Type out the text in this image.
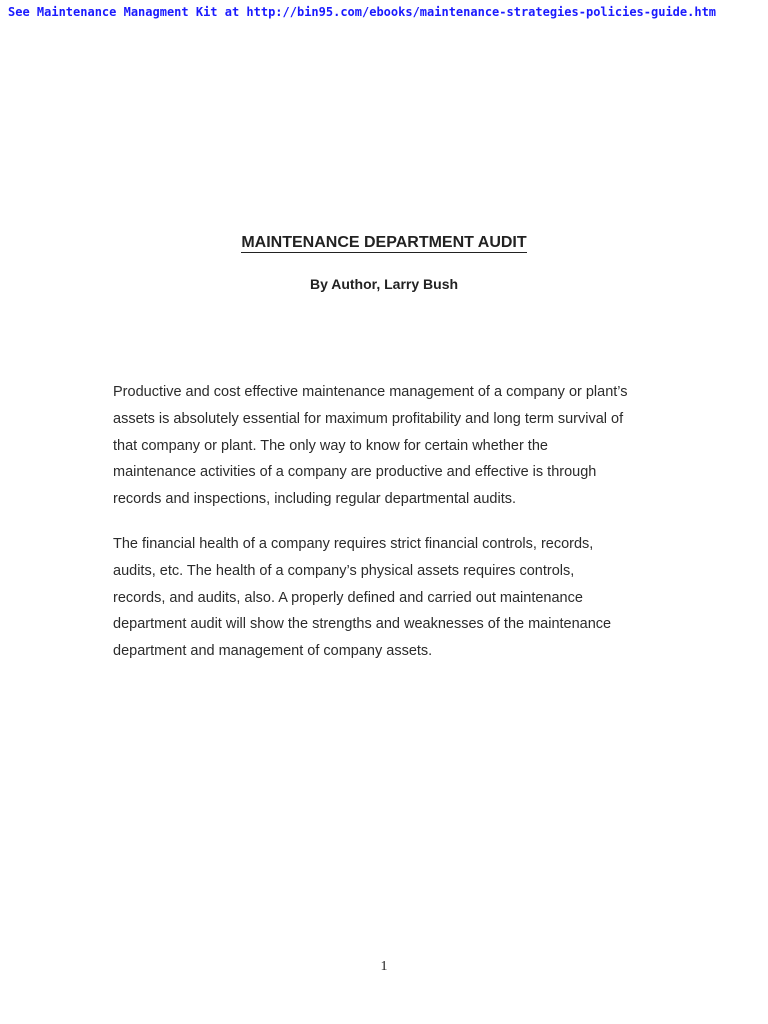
See Maintenance Managment Kit at http://bin95.com/ebooks/maintenance-strategies-policies-guide.htm
MAINTENANCE DEPARTMENT AUDIT
By Author, Larry Bush

Productive and cost effective maintenance management of a company or plant’s
assets is absolutely essential for maximum profitability and long term survival of
that company or plant. The only way to know for certain whether the
maintenance activities of a company are productive and effective is through
records and inspections, including regular departmental audits.

The financial health of a company requires strict financial controls, records,
audits, etc. The health of a company’s physical assets requires controls,
records, and audits, also. A properly defined and carried out maintenance
department audit will show the strengths and weaknesses of the maintenance
department and management of company assets.

1
